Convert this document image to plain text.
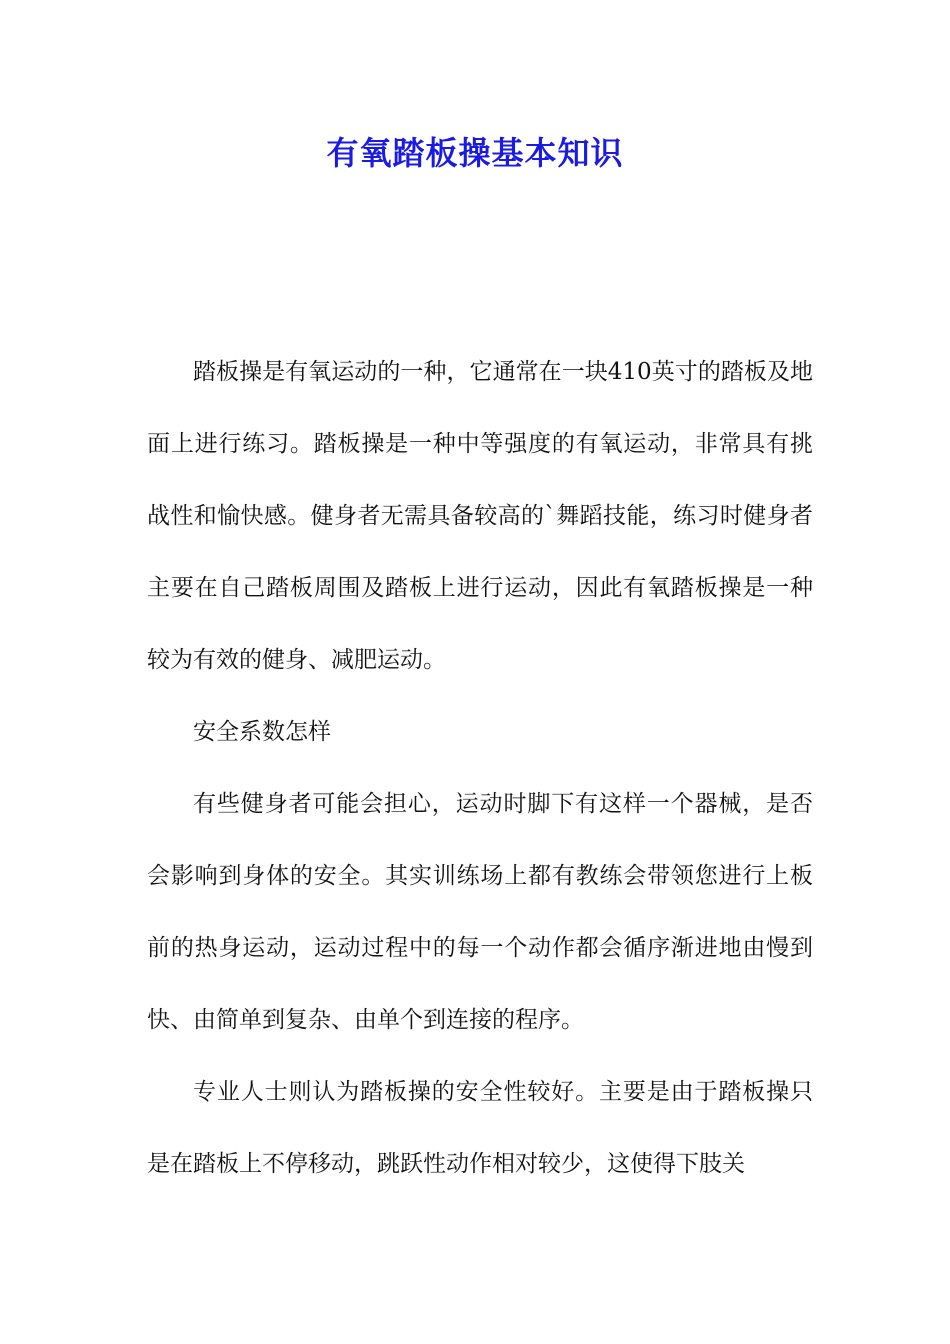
有氧踏板操基本知识

踏板操是有氧运动的一种，它通常在一块410英寸的踏板及地面上进行练习。踏板操是一种中等强度的有氧运动，非常具有挑战性和愉快感。健身者无需具备较高的`舞蹈技能，练习时健身者主要在自己踏板周围及踏板上进行运动，因此有氧踏板操是一种较为有效的健身、减肥运动。

安全系数怎样

有些健身者可能会担心，运动时脚下有这样一个器械，是否会影响到身体的安全。其实训练场上都有教练会带领您进行上板前的热身运动，运动过程中的每一个动作都会循序渐进地由慢到快、由简单到复杂、由单个到连接的程序。

专业人士则认为踏板操的安全性较好。主要是由于踏板操只是在踏板上不停移动，跳跃性动作相对较少，这使得下肢关
